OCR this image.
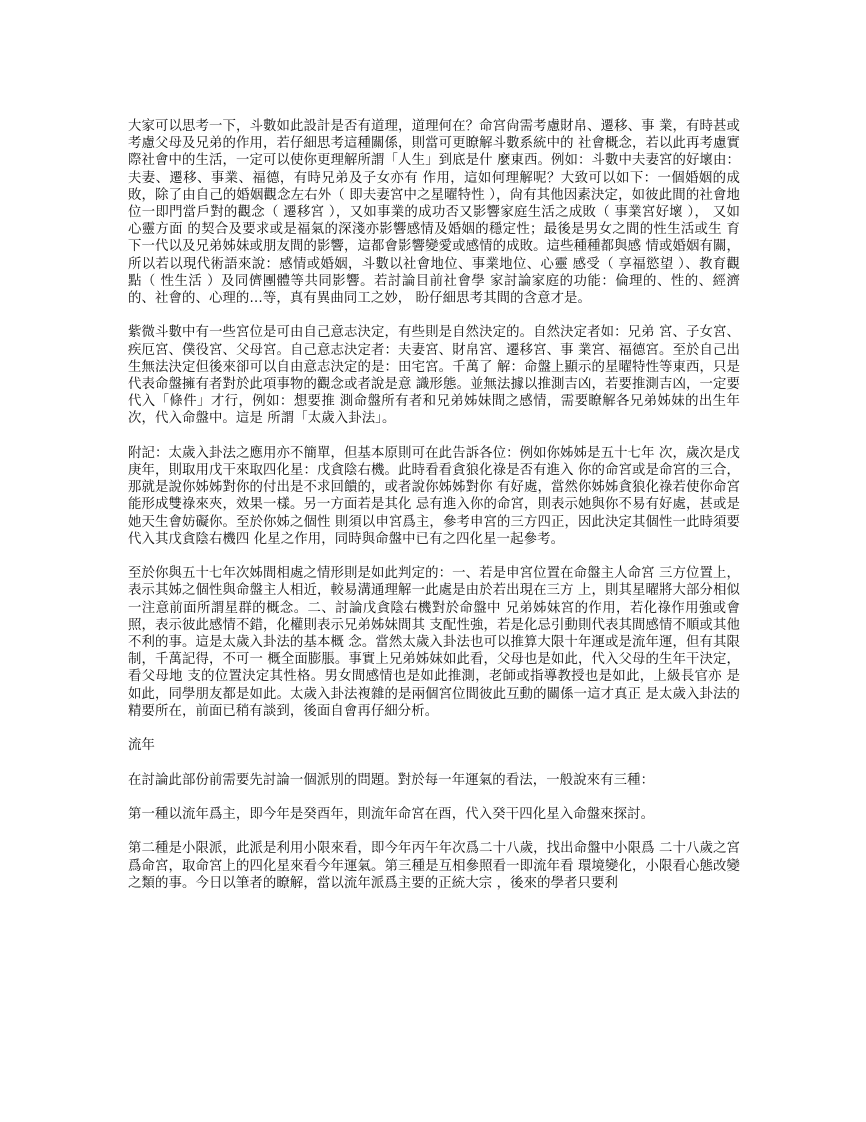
大家可以思考一下，斗數如此設計是否有道理，道理何在？命宮尙需考慮財帛、遷移、事 業，有時甚或考慮父母及兄弟的作用，若仔細思考這種關係，則當可更瞭解斗數系統中的 社會概念，若以此再考慮實際社會中的生活，一定可以使你更理解所謂「人生」到底是什 麼東西。例如：斗數中夫妻宮的好壞由：夫妻、遷移、事業、福德，有時兄弟及子女亦有 作用，這如何理解呢？大致可以如下：一個婚姻的成敗，除了由自己的婚姻觀念左右外（ 即夫妻宮中之星曜特性 ），尙有其他因素決定，如彼此間的社會地位一即門當戶對的觀念（ 遷移宮 ），又如事業的成功否又影響家庭生活之成敗（ 事業宮好壞 ）， 又如心靈方面 的契合及要求或是福氣的深淺亦影響感情及婚姻的穩定性；最後是男女之間的性生活或生 育下一代以及兄弟姊妹或朋友間的影響，這都會影響變愛或感情的成敗。這些種種都與感 情或婚姻有關，所以若以現代術語來說：感情或婚姻，斗數以社會地位、事業地位、心靈 感受（ 享福慾望 ）、教育觀點（ 性生活 ）及同儕團體等共同影響。若討論目前社會學 家討論家庭的功能：倫理的、性的、經濟的、社會的、心理的…等，真有異曲同工之妙， 盼仔細思考其間的含意才是。

紫微斗數中有一些宮位是可由自己意志決定，有些則是自然決定的。自然決定者如：兄弟 宮、子女宮、疾厄宮、僕役宮、父母宮。自己意志決定者：夫妻宮、財帛宮、遷移宮、事 業宮、福德宮。至於自己出生無法決定但後來卻可以自由意志決定的是：田宅宮。千萬了 解：命盤上顯示的星曜特性等東西，只是代表命盤擁有者對於此項事物的觀念或者說是意 識形態。並無法據以推測吉凶，若要推測吉凶，一定要代入「條件」才行，例如：想要推 測命盤所有者和兄弟姊妹間之感情，需要瞭解各兄弟姊妹的出生年次，代入命盤中。這是 所謂「太歲入卦法」。

附記：太歲入卦法之應用亦不簡單，但基本原則可在此告訴各位：例如你姊姊是五十七年 次，歲次是戊庚年，則取用戊干來取四化星：戊貪陰右機。此時看看貪狼化祿是否有進入 你的命宮或是命宮的三合，那就是說你姊姊對你的付出是不求回饋的，或者說你姊姊對你 有好處，當然你姊姊貪狼化祿若使你命宮能形成雙祿來夾，效果一樣。另一方面若是其化 忌有進入你的命宮，則表示她與你不易有好處，甚或是她天生會妨礙你。至於你姊之個性 則須以申宮爲主，參考申宮的三方四正，因此決定其個性一此時須要代入其戊貪陰右機四 化星之作用，同時與命盤中已有之四化星一起參考。

至於你與五十七年次姊間相處之情形則是如此判定的：一、若是申宮位置在命盤主人命宮 三方位置上，表示其姊之個性與命盤主人相近，較易溝通理解一此處是由於若出現在三方 上，則其星曜將大部分相似一注意前面所謂星群的概念。二、討論戊貪陰右機對於命盤中 兄弟姊妹宮的作用，若化祿作用強或會照，表示彼此感情不錯，化權則表示兄弟姊妹間其 支配性強，若是化忌引動則代表其間感情不順或其他不利的事。這是太歲入卦法的基本概 念。當然太歲入卦法也可以推算大限十年運或是流年運，但有其限制，千萬記得，不可一 概全面膨脹。事實上兄弟姊妹如此看，父母也是如此，代入父母的生年干決定，看父母地 支的位置決定其性格。男女間感情也是如此推測，老師或指導教授也是如此，上級長官亦 是如此，同學朋友都是如此。太歲入卦法複雜的是兩個宮位間彼此互動的關係一這才真正 是太歲入卦法的精要所在，前面已稍有談到，後面自會再仔細分析。

流年

在討論此部份前需要先討論一個派別的問題。對於每一年運氣的看法，一般說來有三種：

第一種以流年爲主，即今年是癸酉年，則流年命宮在酉，代入癸干四化星入命盤來探討。

第二種是小限派，此派是利用小限來看，即今年丙午年次爲二十八歲，找出命盤中小限爲 二十八歲之宮爲命宮，取命宮上的四化星來看今年運氣。第三種是互相參照看一即流年看 環境變化，小限看心態改變之類的事。今日以筆者的瞭解，當以流年派爲主要的正統大宗 ，後來的學者只要利
